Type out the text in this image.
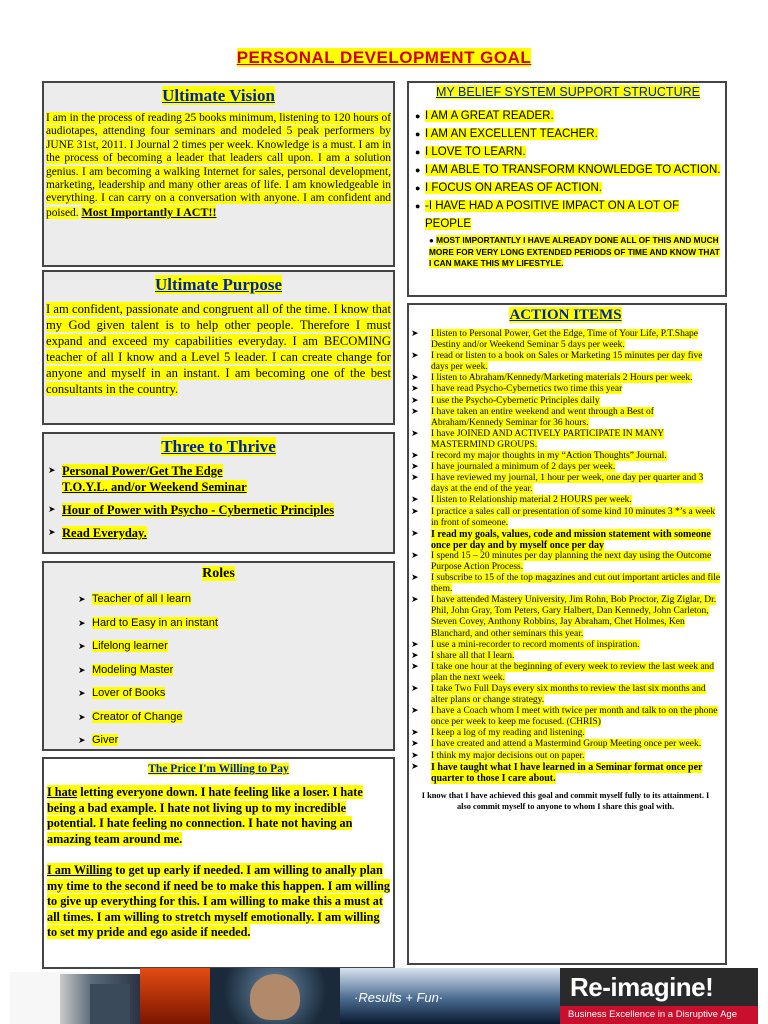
PERSONAL DEVELOPMENT GOAL
Ultimate Vision
I am in the process of reading 25 books minimum, listening to 120 hours of audiotapes, attending four seminars and modeled 5 peak performers by JUNE 31st, 2011. I Journal 2 times per week. Knowledge is a must. I am in the process of becoming a leader that leaders call upon. I am a solution genius. I am becoming a walking Internet for sales, personal development, marketing, leadership and many other areas of life. I am knowledgeable in everything. I can carry on a conversation with anyone. I am confident and poised. Most Importantly I ACT!!
Ultimate Purpose
I am confident, passionate and congruent all of the time. I know that my God given talent is to help other people. Therefore I must expand and exceed my capabilities everyday. I am BECOMING teacher of all I know and a Level 5 leader. I can create change for anyone and myself in an instant. I am becoming one of the best consultants in the country.
Three to Thrive
➤ Personal Power/Get The Edge
T.O.Y.L. and/or Weekend Seminar
➤ Hour of Power with Psycho - Cybernetic Principles
➤ Read Everyday.
Roles
➤ Teacher of all I learn
➤ Hard to Easy in an instant
➤ Lifelong learner
➤ Modeling Master
➤ Lover of Books
➤ Creator of Change
➤ Giver
The Price I'm Willing to Pay
I hate letting everyone down. I hate feeling like a loser. I hate being a bad example. I hate not living up to my incredible potential. I hate feeling no connection. I hate not having an amazing team around me.
I am Willing to get up early if needed. I am willing to anally plan my time to the second if need be to make this happen. I am willing to give up everything for this. I am willing to make this a must at all times. I am willing to stretch myself emotionally. I am willing to set my pride and ego aside if needed.
MY BELIEF SYSTEM SUPPORT STRUCTURE
● I AM A GREAT READER.
● I AM AN EXCELLENT TEACHER.
● I LOVE TO LEARN.
● I AM ABLE TO TRANSFORM KNOWLEDGE TO ACTION.
● I FOCUS ON AREAS OF ACTION.
● -I HAVE HAD A POSITIVE IMPACT ON A LOT OF PEOPLE
● MOST IMPORTANTLY I HAVE ALREADY DONE ALL OF THIS AND MUCH MORE FOR VERY LONG EXTENDED PERIODS OF TIME AND KNOW THAT I CAN MAKE THIS MY LIFESTYLE.
ACTION ITEMS
➤	I listen to Personal Power, Get the Edge, Time of Your Life, P.T.Shape Destiny and/or Weekend Seminar 5 days per week.
➤	I read or listen to a book on Sales or Marketing 15 minutes per day five days per week.
➤	I listen to Abraham/Kennedy/Marketing materials 2 Hours per week.
➤	I have read Psycho-Cybernetics two time this year
➤	I use the Psycho-Cybernetic Principles daily
➤	I have taken an entire weekend and went through a Best of Abraham/Kennedy Seminar for 36 hours.
➤	I have JOINED AND ACTIVELY PARTICIPATE IN MANY MASTERMIND GROUPS.
➤	I record my major thoughts in my “Action Thoughts” Journal.
➤	I have journaled a minimum of 2 days per week.
➤	I have reviewed my journal, 1 hour per week, one day per quarter and 3 days at the end of the year.
➤	I listen to Relationship material 2 HOURS per week.
➤	I practice a sales call or presentation of some kind 10 minutes 3 *’s a week in front of someone.
➤	I read my goals, values, code and mission statement with someone once per day and by myself once per day
➤	I spend 15 – 20 minutes per day planning the next day using the Outcome Purpose Action Process.
➤	I subscribe to 15 of the top magazines and cut out important articles and file them.
➤	I have attended Mastery University, Jim Rohn, Bob Proctor, Zig Ziglar, Dr. Phil, John Gray, Tom Peters, Gary Halbert, Dan Kennedy, John Carleton, Steven Covey, Anthony Robbins, Jay Abraham, Chet Holmes, Ken Blanchard, and other seminars this year.
➤	I use a mini-recorder to record moments of inspiration.
➤	I share all that I learn.
➤	I take one hour at the beginning of every week to review the last week and plan the next week.
➤	I take Two Full Days every six months to review the last six months and alter plans or change strategy.
➤	I have a Coach whom I meet with twice per month and talk to on the phone once per week to keep me focused. (CHRIS)
➤	I keep a log of my reading and listening.
➤	I have created and attend a Mastermind Group Meeting once per week.
➤	I think my major decisions out on paper.
➤	I have taught what I have learned in a Seminar format once per quarter to those I care about.
I know that I have achieved this goal and commit myself fully to its attainment. I also commit myself to anyone to whom I share this goal with.
·Results + Fun·	Re-imagine!
Business Excellence in a Disruptive Age
